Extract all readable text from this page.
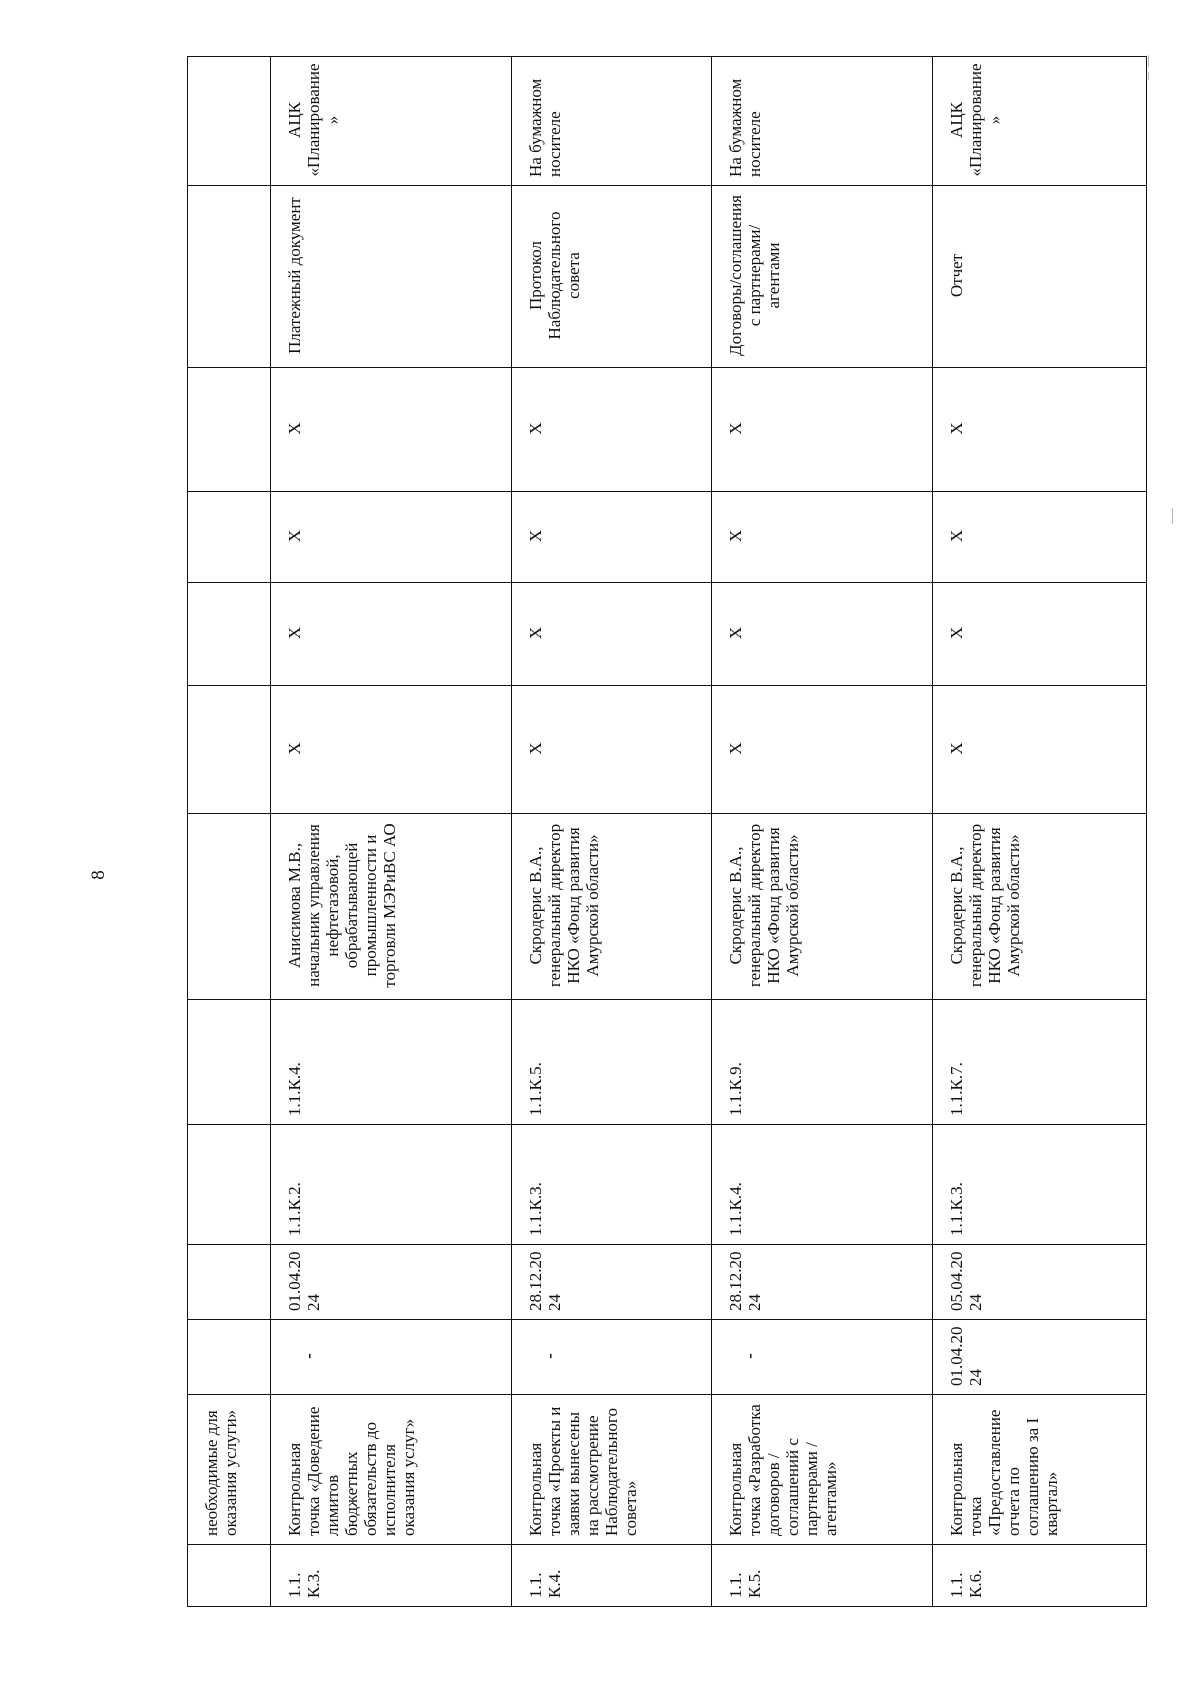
8

	необходимые для оказания услуги»											

1.1. К.3.	Контрольная точка «Доведение лимитов бюджетных обязательств до исполнителя оказания услуг»	-	01.04.2024	1.1.К.2.	1.1.К.4.	Анисимова М.В., начальник управления нефтегазовой, обрабатывающей промышленности и торговли МЭРиВС АО	X	X	X	X	Платежный документ	АЦК «Планирование»
1.1. К.4.	Контрольная точка «Проекты и заявки вынесены на рассмотрение Наблюдательного совета»	-	28.12.2024	1.1.К.3.	1.1.К.5.	Скродерис В.А., генеральный директор НКО «Фонд развития Амурской области»	X	X	X	X	Протокол Наблюдательного совета	На бумажном носителе
1.1. К.5.	Контрольная точка «Разработка договоров / соглашений с партнерами / агентами»	-	28.12.2024	1.1.К.4.	1.1.К.9.	Скродерис В.А., генеральный директор НКО «Фонд развития Амурской области»	X	X	X	X	Договоры/соглашения с партнерами/агентами	На бумажном носителе
1.1. К.6.	Контрольная точка «Предоставление отчета по соглашению за I квартал»	01.04.2024	05.04.2024	1.1.К.3.	1.1.К.7.	Скродерис В.А., генеральный директор НКО «Фонд развития Амурской области»	X	X	X	X	Отчет	АЦК «Планирование»
